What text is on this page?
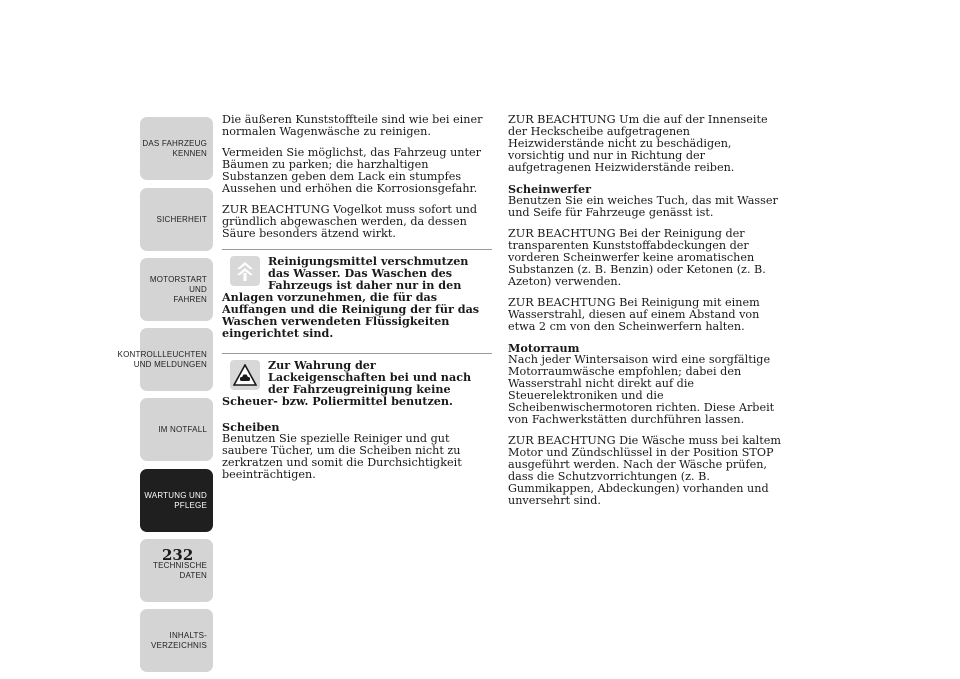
DAS FAHRZEUG
KENNEN
SICHERHEIT
MOTORSTART UND
FAHREN
KONTROLLLEUCHTEN
UND MELDUNGEN
IM NOTFALL
WARTUNG UND
PFLEGE
TECHNISCHE
DATEN
INHALTS-
VERZEICHNIS
232

Die äußeren Kunststoffteile sind wie bei einer normalen Wagenwäsche zu reinigen.

Vermeiden Sie möglichst, das Fahrzeug unter Bäumen zu parken; die harzhaltigen Substanzen geben dem Lack ein stumpfes Aussehen und erhöhen die Korrosionsgefahr.

ZUR BEACHTUNG Vogelkot muss sofort und gründlich abgewaschen werden, da dessen Säure besonders ätzend wirkt.

Reinigungsmittel verschmutzen das Wasser. Das Waschen des Fahrzeugs ist daher nur in den Anlagen vorzunehmen, die für das Auffangen und die Reinigung der für das Waschen verwendeten Flüssigkeiten eingerichtet sind.
Zur Wahrung der Lackeigenschaften bei und nach der Fahrzeugreinigung keine Scheuer- bzw. Poliermittel benutzen.

Scheiben

Benutzen Sie spezielle Reiniger und gut saubere Tücher, um die Scheiben nicht zu zerkratzen und somit die Durchsichtigkeit beeinträchtigen.

ZUR BEACHTUNG Um die auf der Innenseite der Heckscheibe aufgetragenen Heizwiderstände nicht zu beschädigen, vorsichtig und nur in Richtung der aufgetragenen Heizwiderstände reiben.

Scheinwerfer

Benutzen Sie ein weiches Tuch, das mit Wasser und Seife für Fahrzeuge genässt ist.

ZUR BEACHTUNG Bei der Reinigung der transparenten Kunststoffabdeckungen der vorderen Scheinwerfer keine aromatischen Substanzen (z. B. Benzin) oder Ketonen (z. B. Azeton) verwenden.

ZUR BEACHTUNG Bei Reinigung mit einem Wasserstrahl, diesen auf einem Abstand von etwa 2 cm von den Scheinwerfern halten.

Motorraum

Nach jeder Wintersaison wird eine sorgfältige Motorraumwäsche empfohlen; dabei den Wasserstrahl nicht direkt auf die Steuerelektroniken und die Scheibenwischermotoren richten. Diese Arbeit von Fachwerkstätten durchführen lassen.

ZUR BEACHTUNG Die Wäsche muss bei kaltem Motor und Zündschlüssel in der Position STOP ausgeführt werden. Nach der Wäsche prüfen, dass die Schutzvorrichtungen (z. B. Gummikappen, Abdeckungen) vorhanden und unversehrt sind.
